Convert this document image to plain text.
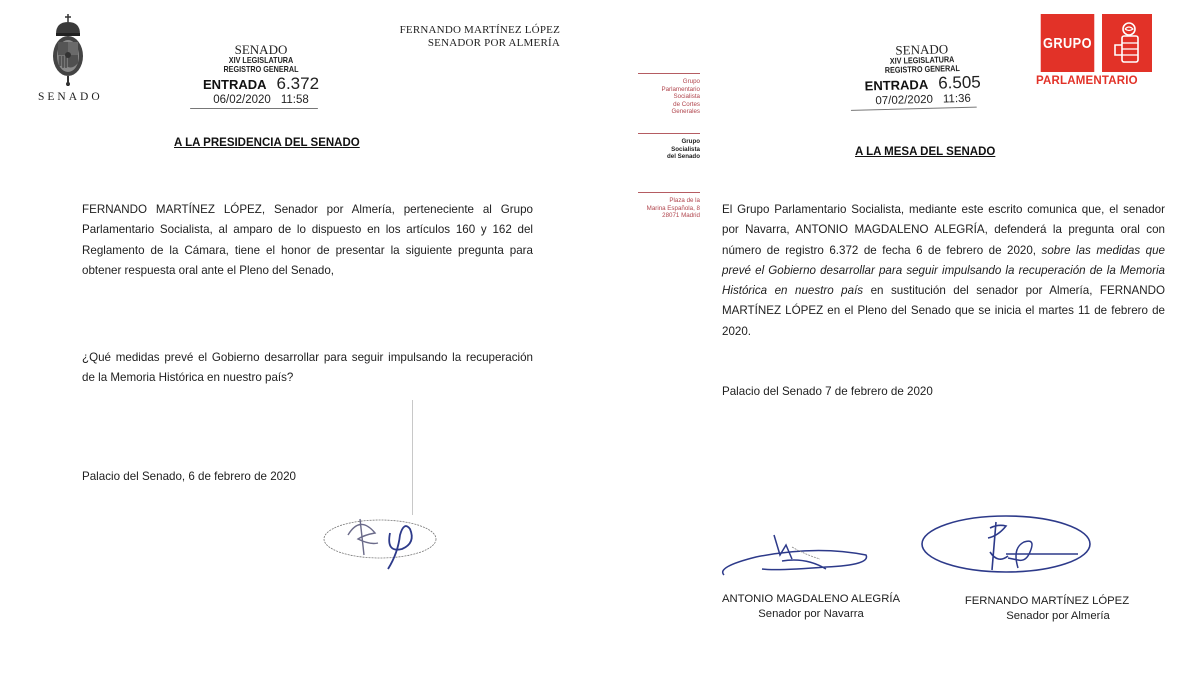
SENADO
FERNANDO MARTÍNEZ LÓPEZ
SENADOR POR ALMERÍA
SENADO
XIV LEGISLATURA
REGISTRO GENERAL
ENTRADA 6.372
06/02/2020 11:58
A LA PRESIDENCIA DEL SENADO
FERNANDO MARTÍNEZ LÓPEZ, Senador por Almería, perteneciente al Grupo Parlamentario Socialista, al amparo de lo dispuesto en los artículos 160 y 162 del Reglamento de la Cámara, tiene el honor de presentar la siguiente pregunta para obtener respuesta oral ante el Pleno del Senado,
¿Qué medidas prevé el Gobierno desarrollar para seguir impulsando la recuperación de la Memoria Histórica en nuestro país?
Palacio del Senado, 6 de febrero de 2020
Grupo
Parlamentario
Socialista
de Cortes
Generales
Grupo
Socialista
del Senado
Plaza de la
Marina Española, 8
28071 Madrid
SENADO
XIV LEGISLATURA
REGISTRO GENERAL
ENTRADA 6.505
07/02/2020 11:36
GRUPO
PARLAMENTARIO
A LA MESA DEL SENADO
El Grupo Parlamentario Socialista, mediante este escrito comunica que, el senador por Navarra, ANTONIO MAGDALENO ALEGRÍA, defenderá la pregunta oral con número de registro 6.372 de fecha 6 de febrero de 2020, sobre las medidas que prevé el Gobierno desarrollar para seguir impulsando la recuperación de la Memoria Histórica en nuestro país en sustitución del senador por Almería, FERNANDO MARTÍNEZ LÓPEZ en el Pleno del Senado que se inicia el martes 11 de febrero de 2020.
Palacio del Senado 7 de febrero de 2020
ANTONIO MAGDALENO ALEGRÍA
Senador por Navarra
FERNANDO MARTÍNEZ LÓPEZ
Senador por Almería
